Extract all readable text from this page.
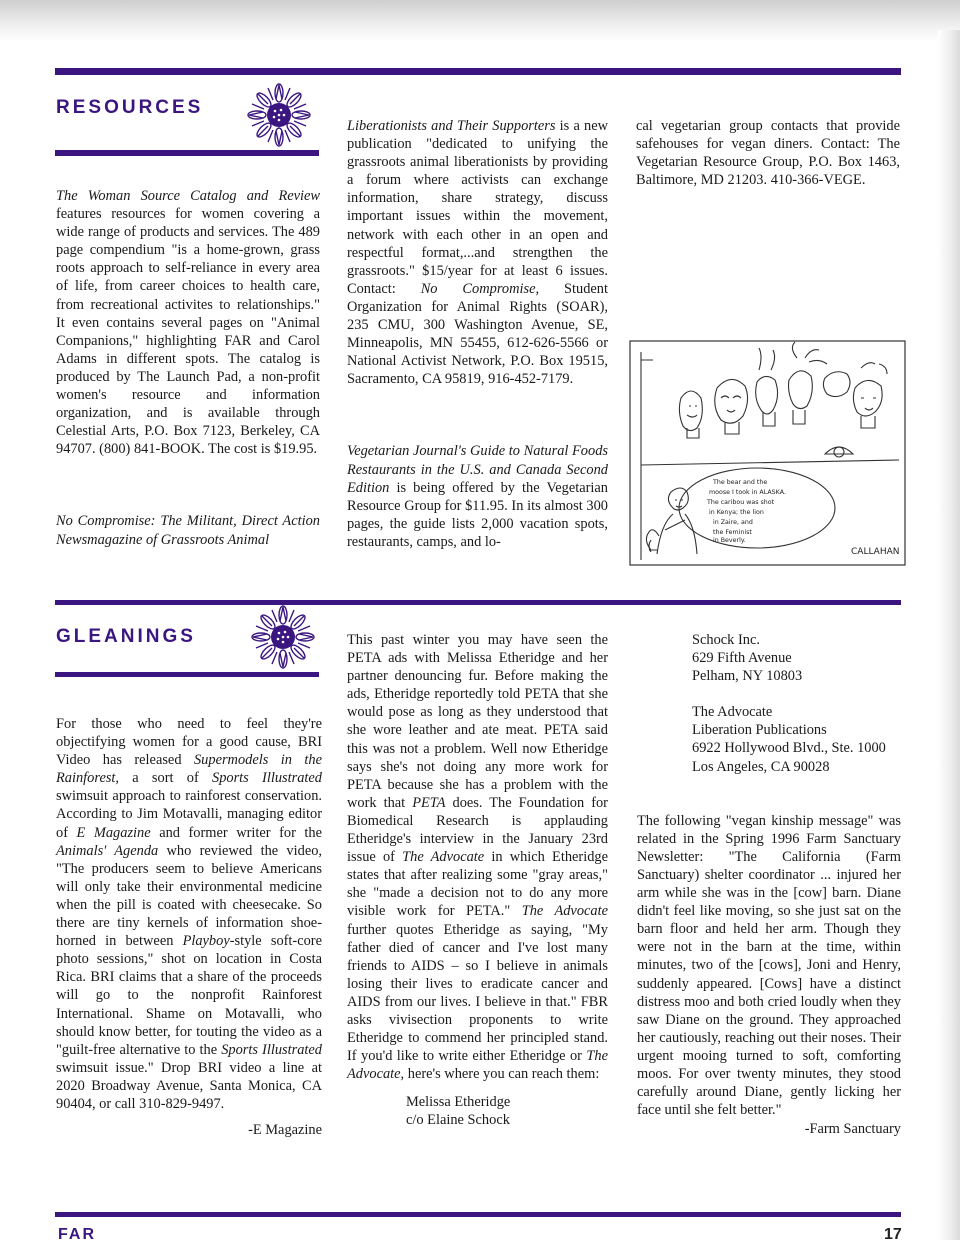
RESOURCES

The Woman Source Catalog and Review features resources for women covering a wide range of products and services. The 489 page compendium "is a home-grown, grass roots approach to self-reliance in every area of life, from career choices to health care, from recreational activites to relationships." It even contains several pages on "Animal Companions," highlighting FAR and Carol Adams in different spots. The catalog is produced by The Launch Pad, a non-profit women's resource and information organization, and is available through Celestial Arts, P.O. Box 7123, Berkeley, CA 94707. (800) 841-BOOK. The cost is $19.95.

No Compromise: The Militant, Direct Action Newsmagazine of Grassroots Animal

Liberationists and Their Supporters is a new publication "dedicated to unifying the grassroots animal liberationists by providing a forum where activists can exchange information, share strategy, discuss important issues within the movement, network with each other in an open and respectful format,...and strengthen the grassroots." $15/year for at least 6 issues. Contact: No Compromise, Student Organization for Animal Rights (SOAR), 235 CMU, 300 Washington Avenue, SE, Minneapolis, MN 55455, 612-626-5566 or National Activist Network, P.O. Box 19515, Sacramento, CA 95819, 916-452-7179.

Vegetarian Journal's Guide to Natural Foods Restaurants in the U.S. and Canada Second Edition is being offered by the Vegetarian Resource Group for $11.95. In its almost 300 pages, the guide lists 2,000 vacation spots, restaurants, camps, and lo-

cal vegetarian group contacts that provide safehouses for vegan diners. Contact: The Vegetarian Resource Group, P.O. Box 1463, Baltimore, MD 21203. 410-366-VEGE.

The bear and the
moose I took in ALASKA.
The caribou was shot
in Kenya; the lion
in Zaire, and
the Feminist
in Beverly.
CALLAHAN
GLEANINGS

For those who need to feel they're objectifying women for a good cause, BRI Video has released Supermodels in the Rainforest, a sort of Sports Illustrated swimsuit approach to rainforest conservation. According to Jim Motavalli, managing editor of E Magazine and former writer for the Animals' Agenda who reviewed the video, "The producers seem to believe Americans will only take their environmental medicine when the pill is coated with cheesecake. So there are tiny kernels of information shoe-horned in between Playboy-style soft-core photo sessions," shot on location in Costa Rica. BRI claims that a share of the proceeds will go to the nonprofit Rainforest International. Shame on Motavalli, who should know better, for touting the video as a "guilt-free alternative to the Sports Illustrated swimsuit issue." Drop BRI video a line at 2020 Broadway Avenue, Santa Monica, CA 90404, or call 310-829-9497.

-E Magazine

This past winter you may have seen the PETA ads with Melissa Etheridge and her partner denouncing fur. Before making the ads, Etheridge reportedly told PETA that she would pose as long as they understood that she wore leather and ate meat. PETA said this was not a problem. Well now Etheridge says she's not doing any more work for PETA because she has a problem with the work that PETA does. The Foundation for Biomedical Research is applauding Etheridge's interview in the January 23rd issue of The Advocate in which Etheridge states that after realizing some "gray areas," she "made a decision not to do any more visible work for PETA." The Advocate further quotes Etheridge as saying, "My father died of cancer and I've lost many friends to AIDS – so I believe in animals losing their lives to eradicate cancer and AIDS from our lives. I believe in that." FBR asks vivisection proponents to write Etheridge to commend her principled stand. If you'd like to write either Etheridge or The Advocate, here's where you can reach them:

Melissa Etheridge
c/o Elaine Schock
Schock Inc.
629 Fifth Avenue
Pelham, NY 10803
The Advocate
Liberation Publications
6922 Hollywood Blvd., Ste. 1000
Los Angeles, CA 90028

The following "vegan kinship message" was related in the Spring 1996 Farm Sanctuary Newsletter: "The California (Farm Sanctuary) shelter coordinator ... injured her arm while she was in the [cow] barn. Diane didn't feel like moving, so she just sat on the barn floor and held her arm. Though they were not in the barn at the time, within minutes, two of the [cows], Joni and Henry, suddenly appeared. [Cows] have a distinct distress moo and both cried loudly when they saw Diane on the ground. They approached her cautiously, reaching out their noses. Their urgent mooing turned to soft, comforting moos. For over twenty minutes, they stood carefully around Diane, gently licking her face until she felt better."

-Farm Sanctuary
FAR	17
